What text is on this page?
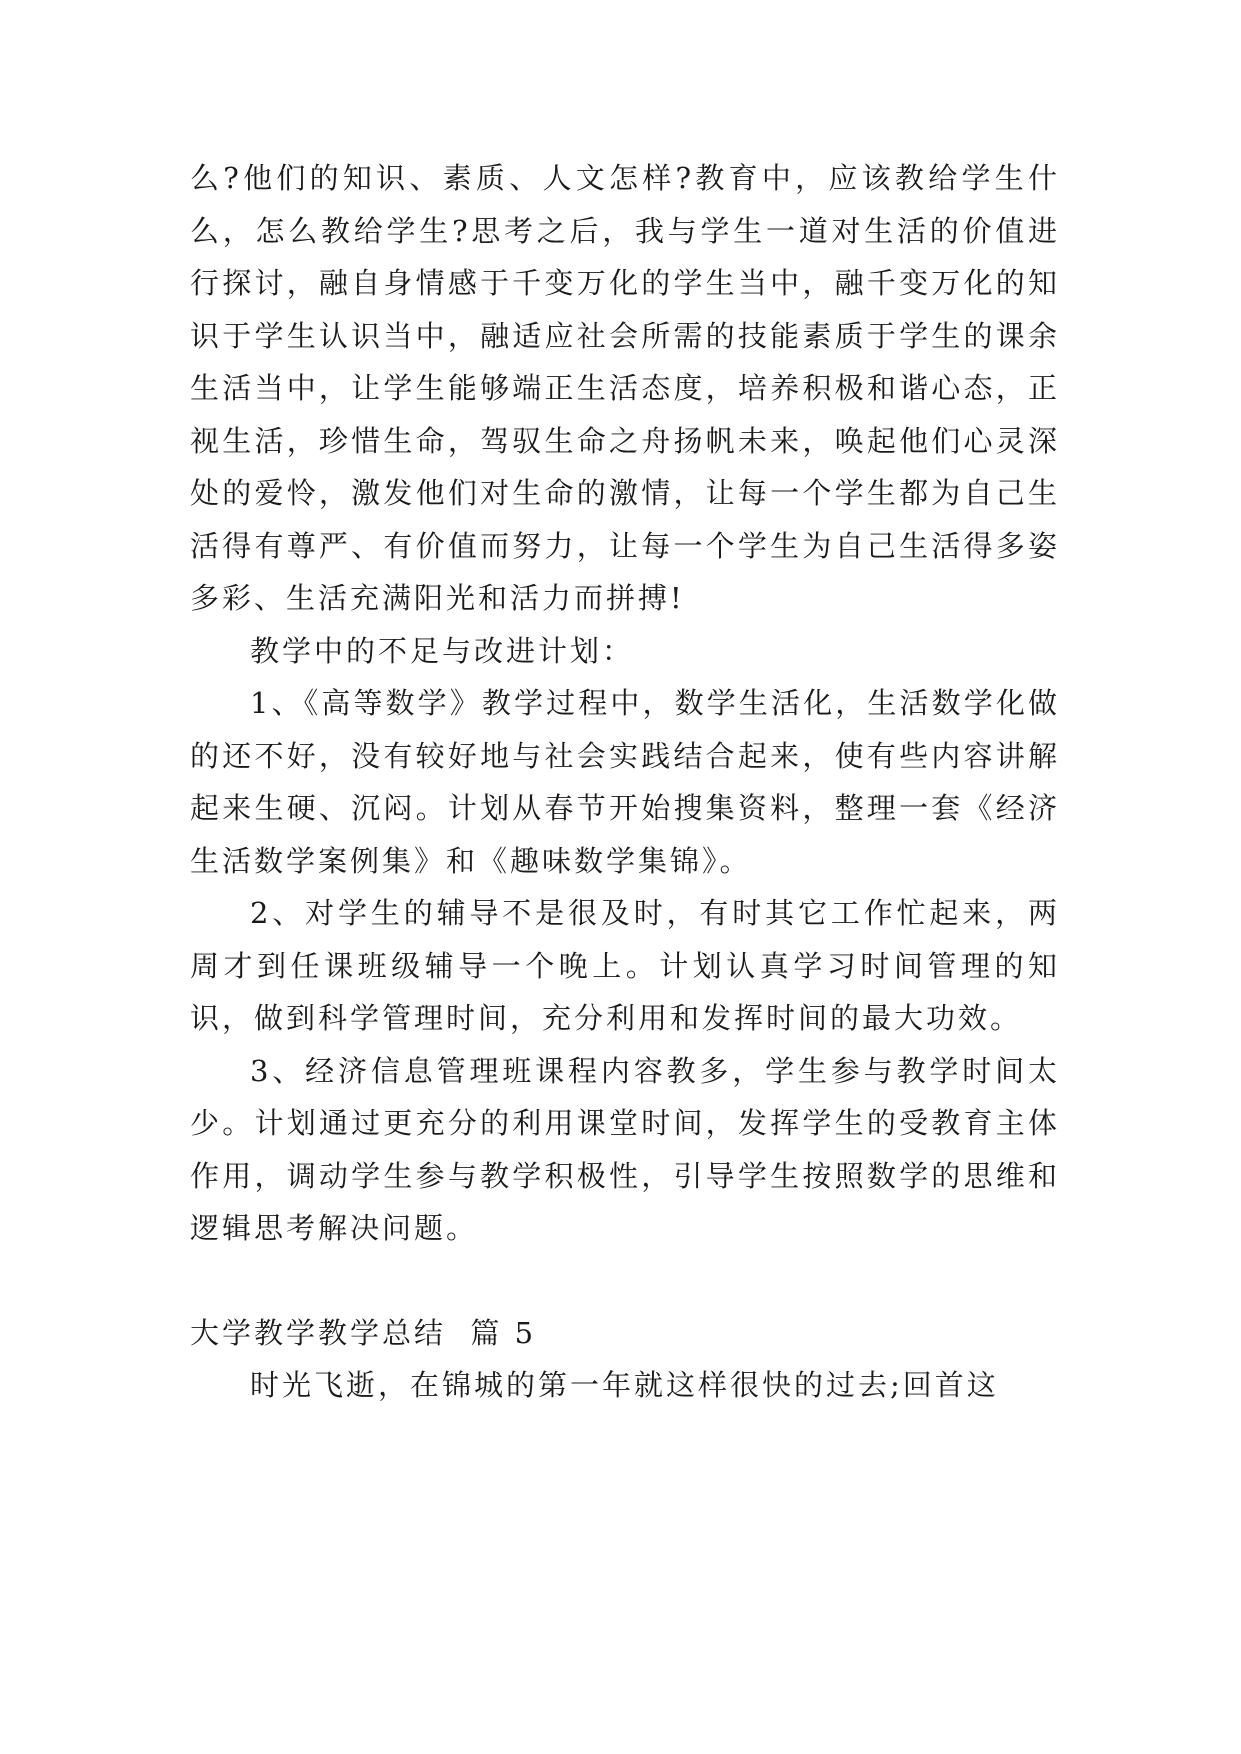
么?他们的知识、素质、人文怎样?教育中，应该教给学生什么，怎么教给学生?思考之后，我与学生一道对生活的价值进行探讨，融自身情感于千变万化的学生当中，融千变万化的知识于学生认识当中，融适应社会所需的技能素质于学生的课余生活当中，让学生能够端正生活态度，培养积极和谐心态，正视生活，珍惜生命，驾驭生命之舟扬帆未来，唤起他们心灵深处的爱怜，激发他们对生命的激情，让每一个学生都为自己生活得有尊严、有价值而努力，让每一个学生为自己生活得多姿多彩、生活充满阳光和活力而拼搏!

教学中的不足与改进计划：

1、《高等数学》教学过程中，数学生活化，生活数学化做的还不好，没有较好地与社会实践结合起来，使有些内容讲解起来生硬、沉闷。计划从春节开始搜集资料，整理一套《经济生活数学案例集》和《趣味数学集锦》。

2、对学生的辅导不是很及时，有时其它工作忙起来，两周才到任课班级辅导一个晚上。计划认真学习时间管理的知识，做到科学管理时间，充分利用和发挥时间的最大功效。

3、经济信息管理班课程内容教多，学生参与教学时间太少。计划通过更充分的利用课堂时间，发挥学生的受教育主体作用，调动学生参与教学积极性，引导学生按照数学的思维和逻辑思考解决问题。

大学教学教学总结  篇 5

时光飞逝，在锦城的第一年就这样很快的过去;回首这
